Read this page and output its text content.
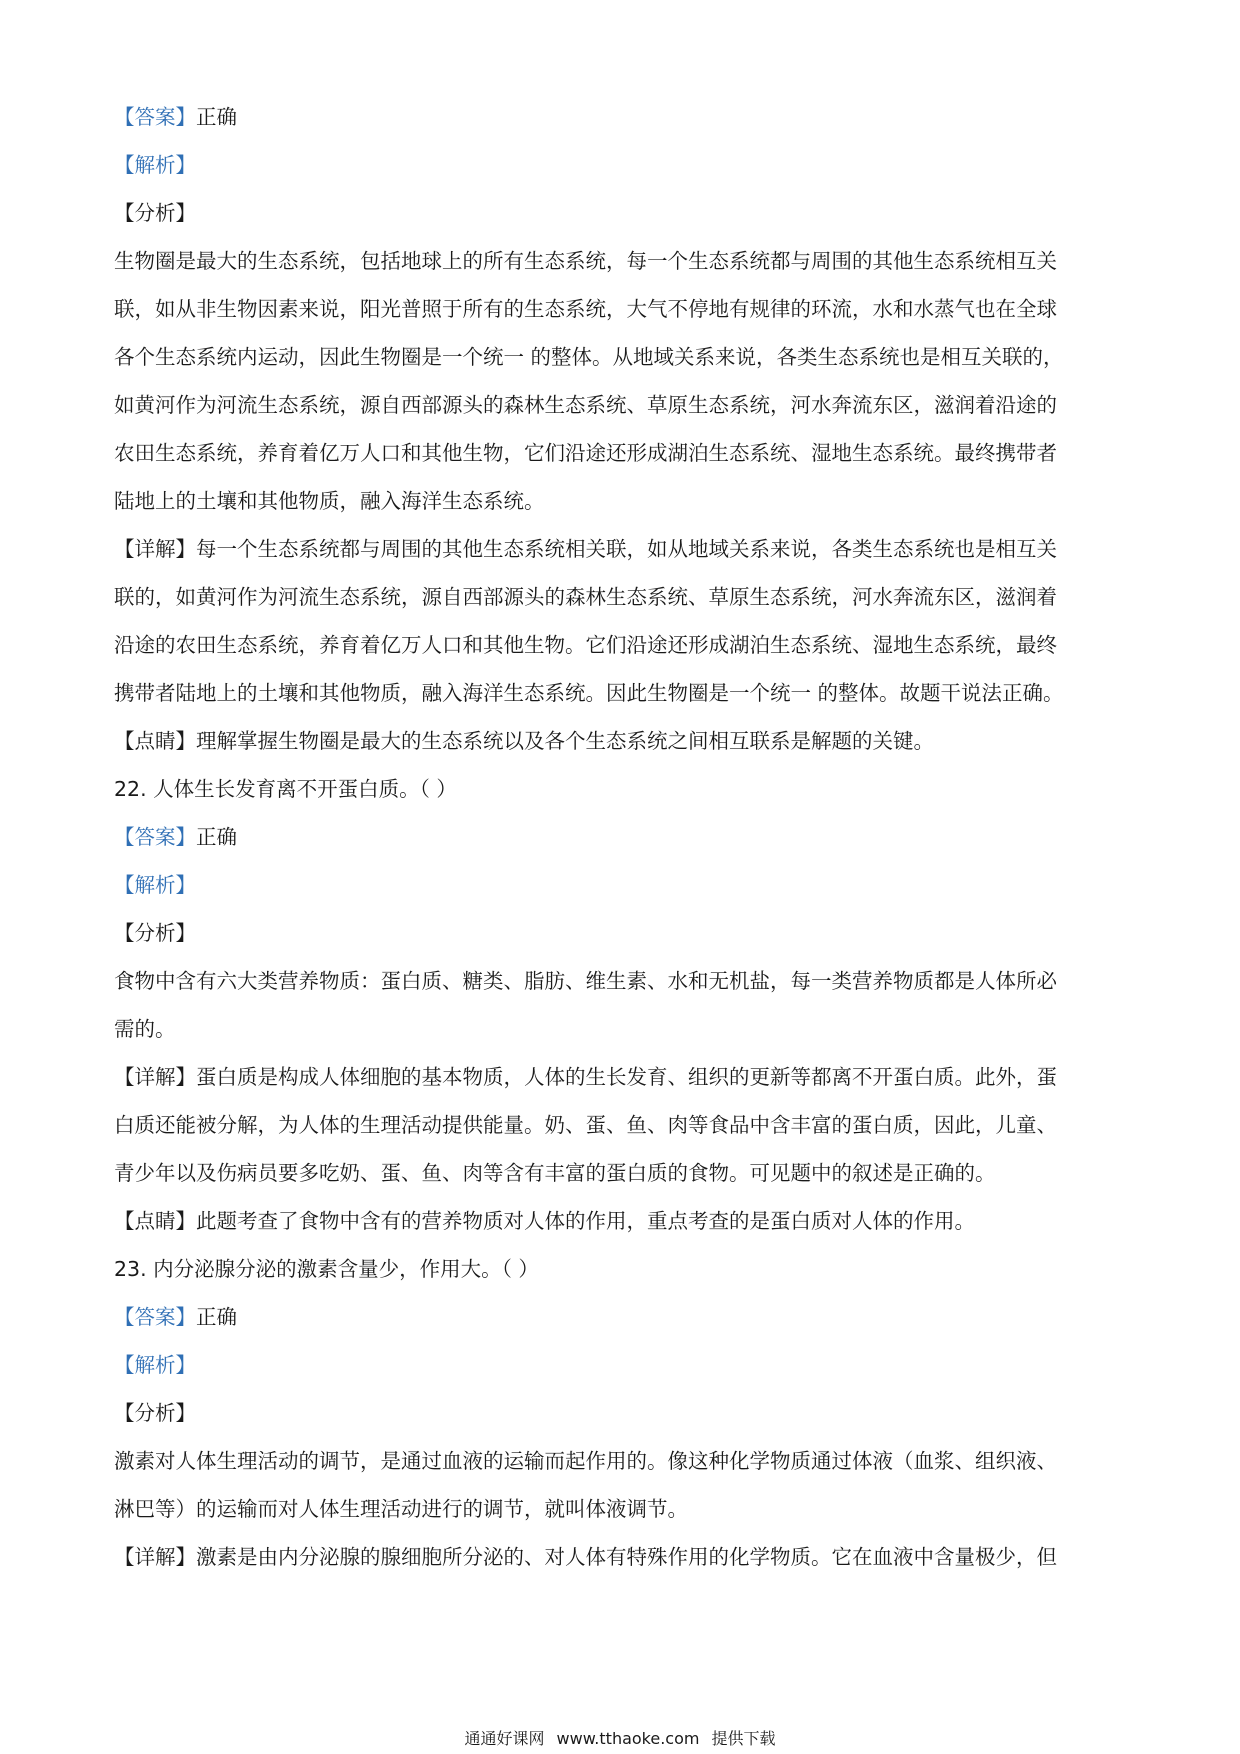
【答案】正确
【解析】
【分析】
生物圈是最大的生态系统，包括地球上的所有生态系统，每一个生态系统都与周围的其他生态系统相互关
联，如从非生物因素来说，阳光普照于所有的生态系统，大气不停地有规律的环流，水和水蒸气也在全球
各个生态系统内运动，因此生物圈是一个统一 的整体。从地域关系来说，各类生态系统也是相互关联的，
如黄河作为河流生态系统，源自西部源头的森林生态系统、草原生态系统，河水奔流东区，滋润着沿途的
农田生态系统，养育着亿万人口和其他生物，它们沿途还形成湖泊生态系统、湿地生态系统。最终携带者
陆地上的土壤和其他物质，融入海洋生态系统。
【详解】每一个生态系统都与周围的其他生态系统相关联，如从地域关系来说，各类生态系统也是相互关
联的，如黄河作为河流生态系统，源自西部源头的森林生态系统、草原生态系统，河水奔流东区，滋润着
沿途的农田生态系统，养育着亿万人口和其他生物。它们沿途还形成湖泊生态系统、湿地生态系统，最终
携带者陆地上的土壤和其他物质，融入海洋生态系统。因此生物圈是一个统一 的整体。故题干说法正确。
【点睛】理解掌握生物圈是最大的生态系统以及各个生态系统之间相互联系是解题的关键。
22. 人体生长发育离不开蛋白质。（ ）
【答案】正确
【解析】
【分析】
食物中含有六大类营养物质：蛋白质、糖类、脂肪、维生素、水和无机盐，每一类营养物质都是人体所必
需的。
【详解】蛋白质是构成人体细胞的基本物质，人体的生长发育、组织的更新等都离不开蛋白质。此外，蛋
白质还能被分解，为人体的生理活动提供能量。奶、蛋、鱼、肉等食品中含丰富的蛋白质，因此，儿童、
青少年以及伤病员要多吃奶、蛋、鱼、肉等含有丰富的蛋白质的食物。可见题中的叙述是正确的。
【点睛】此题考查了食物中含有的营养物质对人体的作用，重点考查的是蛋白质对人体的作用。
23. 内分泌腺分泌的激素含量少，作用大。（ ）
【答案】正确
【解析】
【分析】
激素对人体生理活动的调节，是通过血液的运输而起作用的。像这种化学物质通过体液（血浆、组织液、
淋巴等）的运输而对人体生理活动进行的调节，就叫体液调节。
【详解】激素是由内分泌腺的腺细胞所分泌的、对人体有特殊作用的化学物质。它在血液中含量极少，但
通通好课网 www.tthaoke.com 提供下载
